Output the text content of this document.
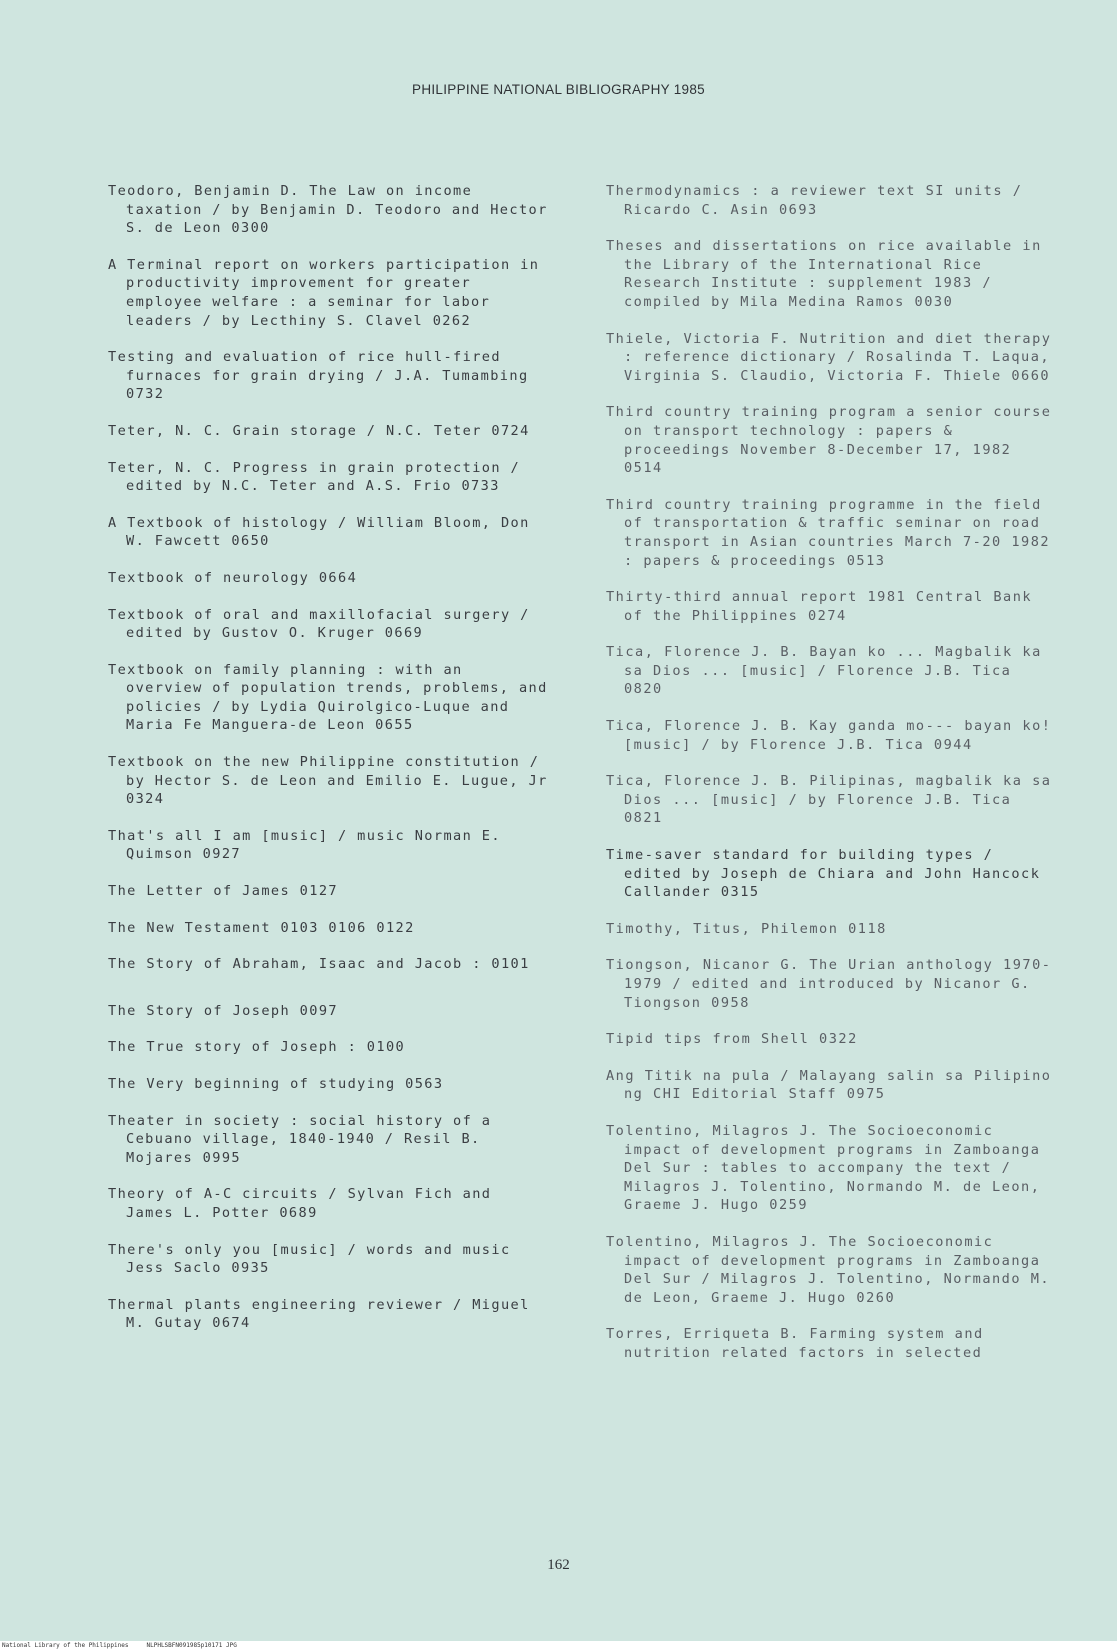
PHILIPPINE NATIONAL BIBLIOGRAPHY 1985

Teodoro, Benjamin D. The Law on income taxation / by Benjamin D. Teodoro and Hector S. de Leon 0300

A Terminal report on workers participation in productivity improvement for greater employee welfare : a seminar for labor leaders / by Lecthiny S. Clavel 0262

Testing and evaluation of rice hull-fired furnaces for grain drying / J.A. Tumambing 0732

Teter, N. C. Grain storage / N.C. Teter 0724

Teter, N. C. Progress in grain protection / edited by N.C. Teter and A.S. Frio 0733

A Textbook of histology / William Bloom, Don W. Fawcett 0650

Textbook of neurology 0664

Textbook of oral and maxillofacial surgery / edited by Gustov O. Kruger 0669

Textbook on family planning : with an overview of population trends, problems, and policies / by Lydia Quirolgico-Luque and Maria Fe Manguera-de Leon 0655

Textbook on the new Philippine constitution / by Hector S. de Leon and Emilio E. Lugue, Jr 0324

That's all I am [music] / music Norman E. Quimson 0927

The Letter of James 0127

The New Testament 0103 0106 0122

The Story of Abraham, Isaac and Jacob : 0101

The Story of Joseph 0097

The True story of Joseph : 0100

The Very beginning of studying 0563

Theater in society : social history of a Cebuano village, 1840-1940 / Resil B. Mojares 0995

Theory of A-C circuits / Sylvan Fich and James L. Potter 0689

There's only you [music] / words and music Jess Saclo 0935

Thermal plants engineering reviewer / Miguel M. Gutay 0674

Thermodynamics : a reviewer text SI units / Ricardo C. Asin 0693

Theses and dissertations on rice available in the Library of the International Rice Research Institute : supplement 1983 / compiled by Mila Medina Ramos 0030

Thiele, Victoria F. Nutrition and diet therapy : reference dictionary / Rosalinda T. Laqua, Virginia S. Claudio, Victoria F. Thiele 0660

Third country training program a senior course on transport technology : papers & proceedings November 8-December 17, 1982 0514

Third country training programme in the field of transportation & traffic seminar on road transport in Asian countries March 7-20 1982 : papers & proceedings 0513

Thirty-third annual report 1981 Central Bank of the Philippines 0274

Tica, Florence J. B. Bayan ko ... Magbalik ka sa Dios ... [music] / Florence J.B. Tica 0820

Tica, Florence J. B. Kay ganda mo--- bayan ko! [music] / by Florence J.B. Tica 0944

Tica, Florence J. B. Pilipinas, magbalik ka sa Dios ... [music] / by Florence J.B. Tica 0821

Time-saver standard for building types / edited by Joseph de Chiara and John Hancock Callander 0315

Timothy, Titus, Philemon 0118

Tiongson, Nicanor G. The Urian anthology 1970-1979 / edited and introduced by Nicanor G. Tiongson 0958

Tipid tips from Shell 0322

Ang Titik na pula / Malayang salin sa Pilipino ng CHI Editorial Staff 0975

Tolentino, Milagros J. The Socioeconomic impact of development programs in Zamboanga Del Sur : tables to accompany the text / Milagros J. Tolentino, Normando M. de Leon, Graeme J. Hugo 0259

Tolentino, Milagros J. The Socioeconomic impact of development programs in Zamboanga Del Sur / Milagros J. Tolentino, Normando M. de Leon, Graeme J. Hugo 0260

Torres, Erriqueta B. Farming system and nutrition related factors in selected

162
National Library of the Philippines     NLPHLSBFN091985p10171 JPG
